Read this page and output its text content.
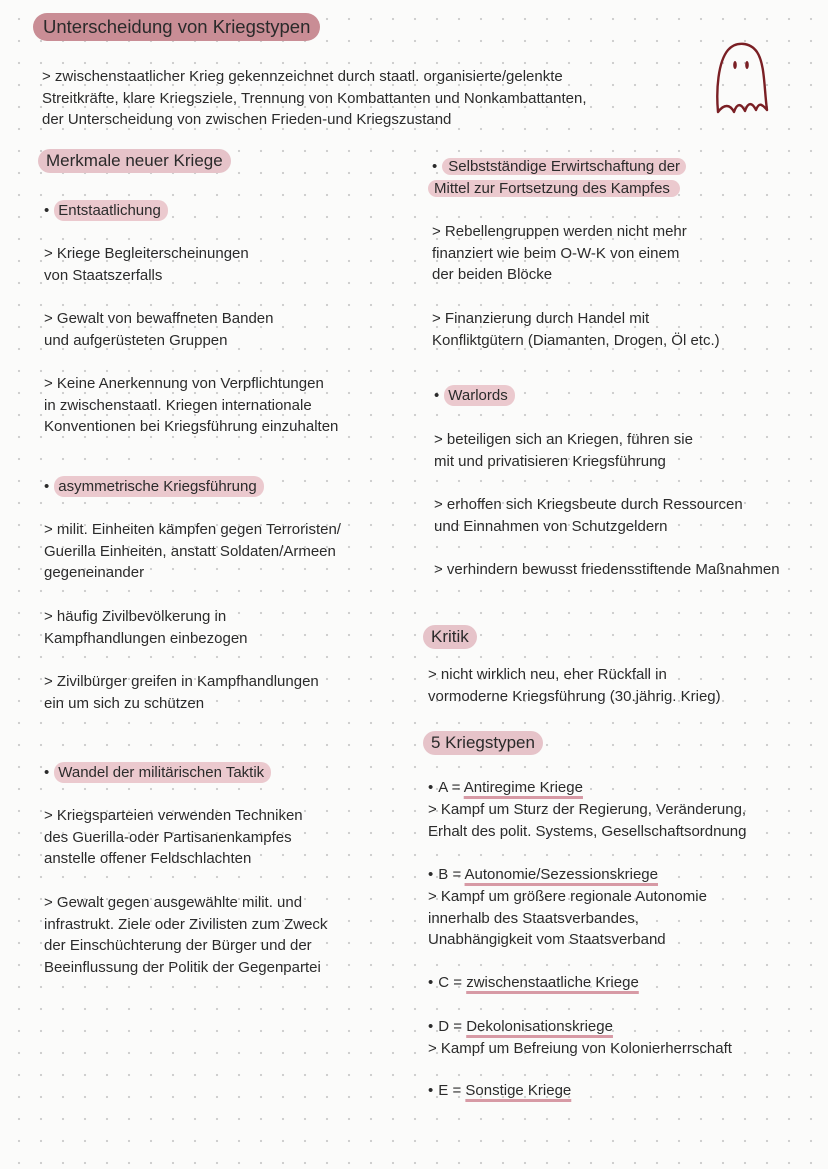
Unterscheidung von Kriegstypen

> zwischenstaatlicher Krieg gekennzeichnet durch staatl. organisierte/gelenkte
Streitkräfte, klare Kriegsziele, Trennung von Kombattanten und Nonkambattanten,
der Unterscheidung von zwischen Frieden-und Kriegszustand

Merkmale neuer Kriege
• Entstaatlichung

> Kriege Begleiterscheinungen
von Staatszerfalls

> Gewalt von bewaffneten Banden
und aufgerüsteten Gruppen

> Keine Anerkennung von Verpflichtungen
in zwischenstaatl. Kriegen internationale
Konventionen bei Kriegsführung einzuhalten

• asymmetrische Kriegsführung

> milit. Einheiten kämpfen gegen Terroristen/
Guerilla Einheiten, anstatt Soldaten/Armeen
gegeneinander

> häufig Zivilbevölkerung in
Kampfhandlungen einbezogen

> Zivilbürger greifen in Kampfhandlungen
ein um sich zu schützen

• Wandel der militärischen Taktik

> Kriegsparteien verwenden Techniken
des Guerilla-oder Partisanenkampfes
anstelle offener Feldschlachten

> Gewalt gegen ausgewählte milit. und
infrastrukt. Ziele oder Zivilisten zum Zweck
der Einschüchterung der Bürger und der
Beeinflussung der Politik der Gegenpartei

• Selbstständige Erwirtschaftung der
Mittel zur Fortsetzung des Kampfes

> Rebellengruppen werden nicht mehr
finanziert wie beim O-W-K von einem
der beiden Blöcke

> Finanzierung durch Handel mit
Konfliktgütern (Diamanten, Drogen, Öl etc.)

• Warlords

> beteiligen sich an Kriegen, führen sie
mit und privatisieren Kriegsführung

> erhoffen sich Kriegsbeute durch Ressourcen
und Einnahmen von Schutzgeldern

> verhindern bewusst friedensstiftende Maßnahmen

Kritik

> nicht wirklich neu, eher Rückfall in
vormoderne Kriegsführung (30.jährig. Krieg)

5 Kriegstypen
• A = Antiregime Kriege

> Kampf um Sturz der Regierung, Veränderung,
Erhalt des polit. Systems, Gesellschaftsordnung

• B = Autonomie/Sezessionskriege

> Kampf um größere regionale Autonomie
innerhalb des Staatsverbandes,
Unabhängigkeit vom Staatsverband

• C = zwischenstaatliche Kriege
• D = Dekolonisationskriege

> Kampf um Befreiung von Kolonierherrschaft

• E = Sonstige Kriege
